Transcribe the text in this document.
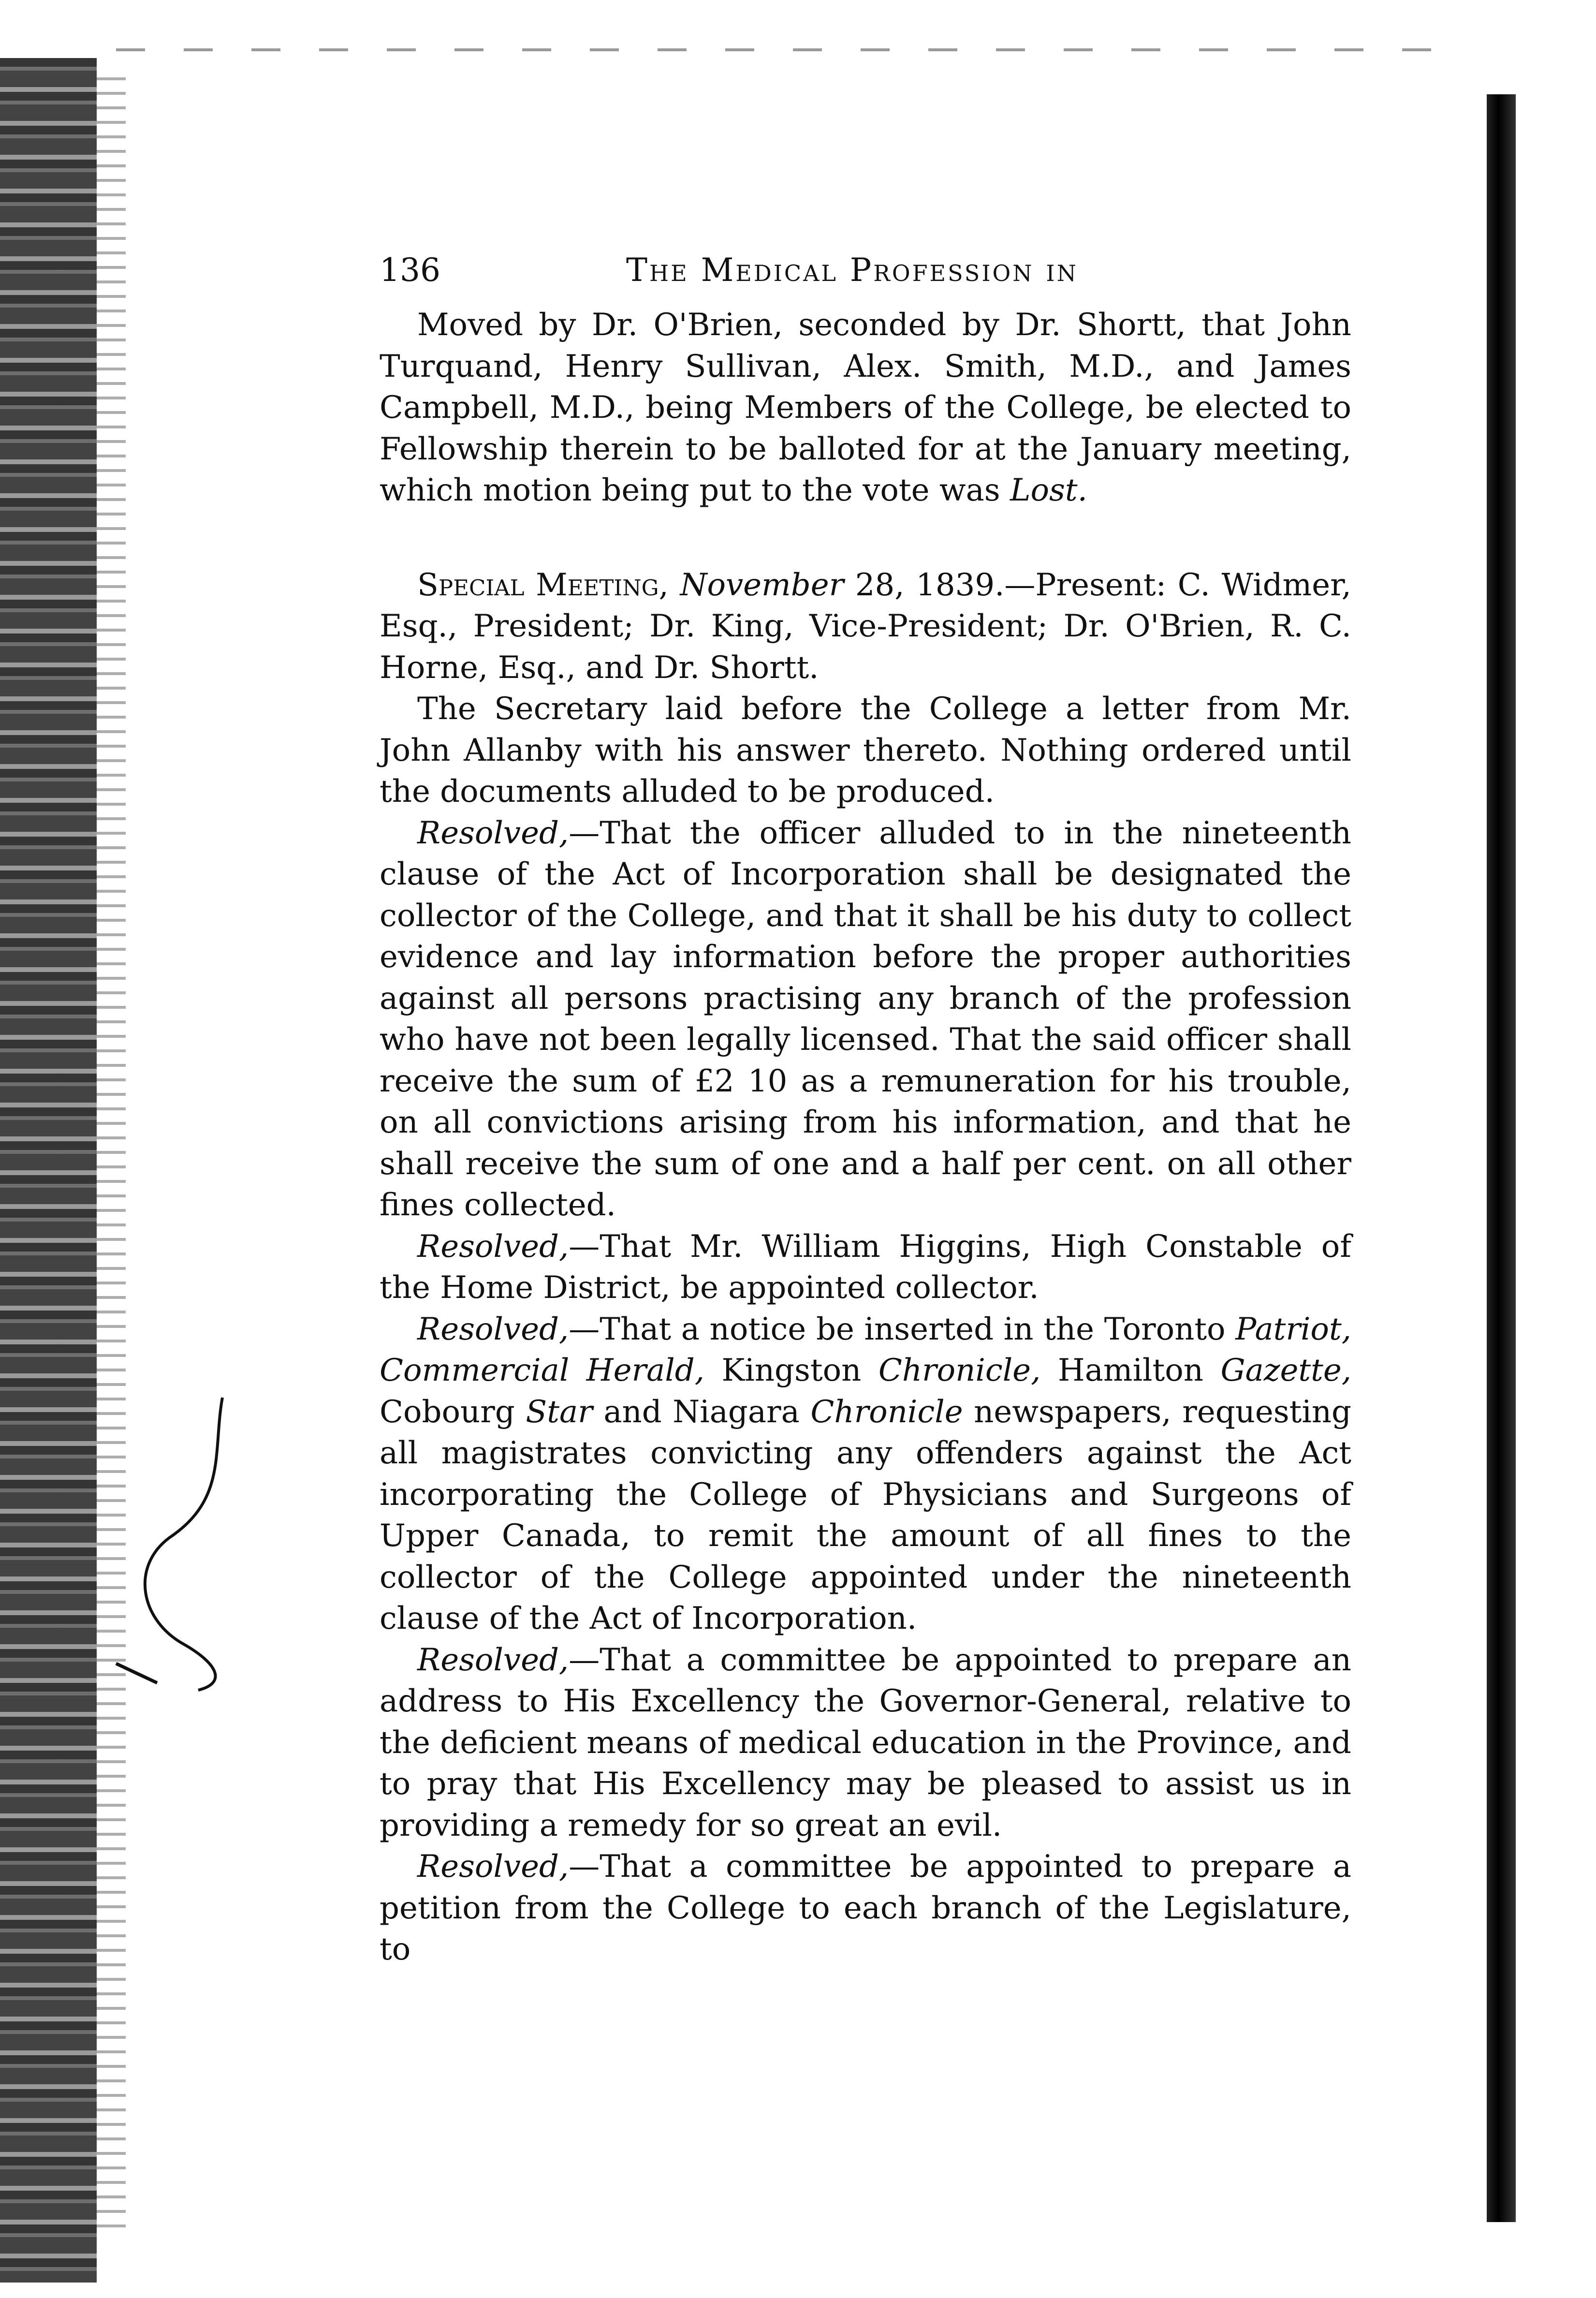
136	The Medical Profession in

Moved by Dr. O'Brien, seconded by Dr. Shortt, that John Turquand, Henry Sullivan, Alex. Smith, M.D., and James Campbell, M.D., being Members of the College, be elected to Fellowship therein to be balloted for at the January meeting, which motion being put to the vote was Lost.

Special Meeting, November 28, 1839.—Present: C. Widmer, Esq., President; Dr. King, Vice-President; Dr. O'Brien, R. C. Horne, Esq., and Dr. Shortt.

The Secretary laid before the College a letter from Mr. John Allanby with his answer thereto. Nothing ordered until the documents alluded to be produced.

Resolved,—That the officer alluded to in the nineteenth clause of the Act of Incorporation shall be designated the collector of the College, and that it shall be his duty to collect evidence and lay information before the proper authorities against all persons practising any branch of the profession who have not been legally licensed. That the said officer shall receive the sum of £2 10 as a remuneration for his trouble, on all convictions arising from his information, and that he shall receive the sum of one and a half per cent. on all other fines collected.

Resolved,—That Mr. William Higgins, High Constable of the Home District, be appointed collector.

Resolved,—That a notice be inserted in the Toronto Patriot, Commercial Herald, Kingston Chronicle, Hamilton Gazette, Cobourg Star and Niagara Chronicle newspapers, requesting all magistrates convicting any offenders against the Act incorporating the College of Physicians and Surgeons of Upper Canada, to remit the amount of all fines to the collector of the College appointed under the nineteenth clause of the Act of Incorporation.

Resolved,—That a committee be appointed to prepare an address to His Excellency the Governor-General, relative to the deficient means of medical education in the Province, and to pray that His Excellency may be pleased to assist us in providing a remedy for so great an evil.

Resolved,—That a committee be appointed to prepare a petition from the College to each branch of the Legislature, to
